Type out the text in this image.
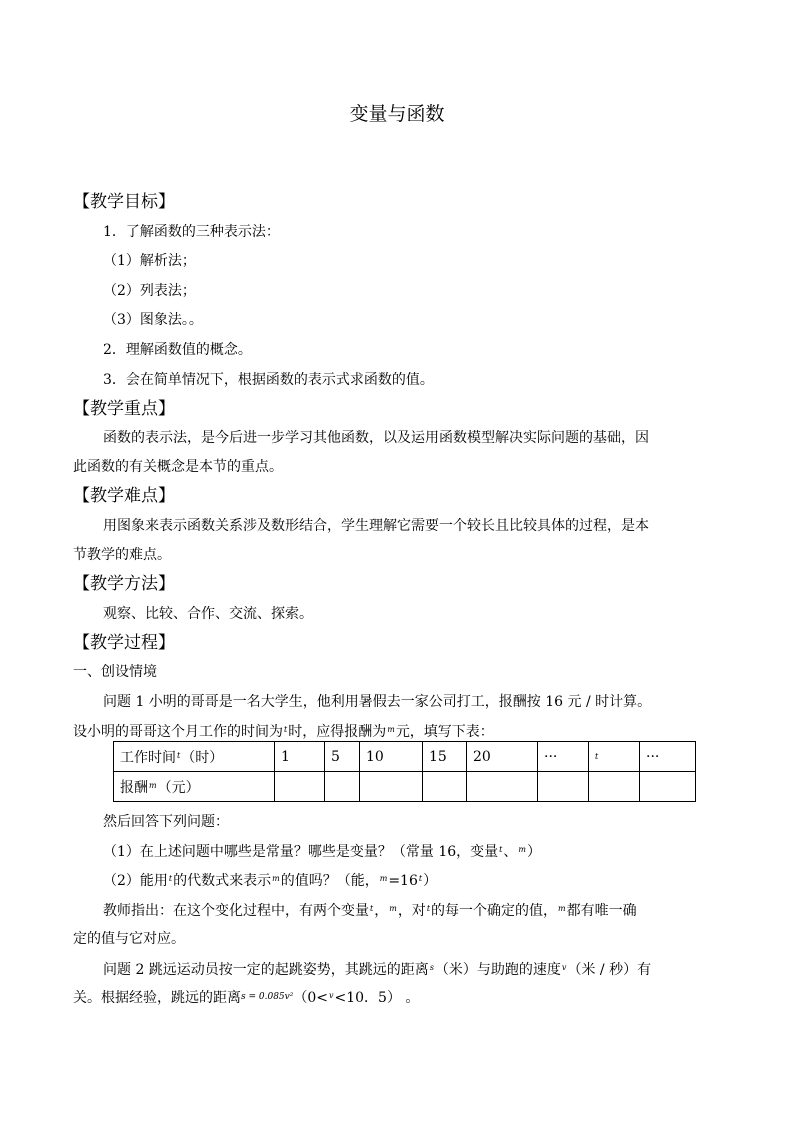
变量与函数
【教学目标】
1．了解函数的三种表示法：
（1）解析法；
（2）列表法；
（3）图象法。。
2．理解函数值的概念。
3．会在简单情况下，根据函数的表示式求函数的值。
【教学重点】
函数的表示法，是今后进一步学习其他函数，以及运用函数模型解决实际问题的基础，因
此函数的有关概念是本节的重点。
【教学难点】
用图象来表示函数关系涉及数形结合，学生理解它需要一个较长且比较具体的过程，是本
节教学的难点。
【教学方法】
观察、比较、合作、交流、探索。
【教学过程】
一、创设情境
问题 1 小明的哥哥是一名大学生，他利用暑假去一家公司打工，报酬按 16 元 / 时计算。
设小明的哥哥这个月工作的时间为$^t$时，应得报酬为$^m$元，填写下表：
工作时间$^t$（时）	1	5	10	15	20	···	t	···
报酬$^m$（元）								
然后回答下列问题：
（1）在上述问题中哪些是常量？哪些是变量？（常量 16，变量$^t$、$^m$）
（2）能用$^t$的代数式来表示$^m$的值吗？（能，$^m=16^t$）
教师指出：在这个变化过程中，有两个变量$^t$，$^m$，对$^t$的每一个确定的值，$^m$都有唯一确
定的值与它对应。
问题 2 跳远运动员按一定的起跳姿势，其跳远的距离$^s$（米）与助跑的速度$^v$（米 / 秒）有
关。根据经验，跳远的距离$^{s = 0.085v^2}$（0<$^v$<10．5） 。
